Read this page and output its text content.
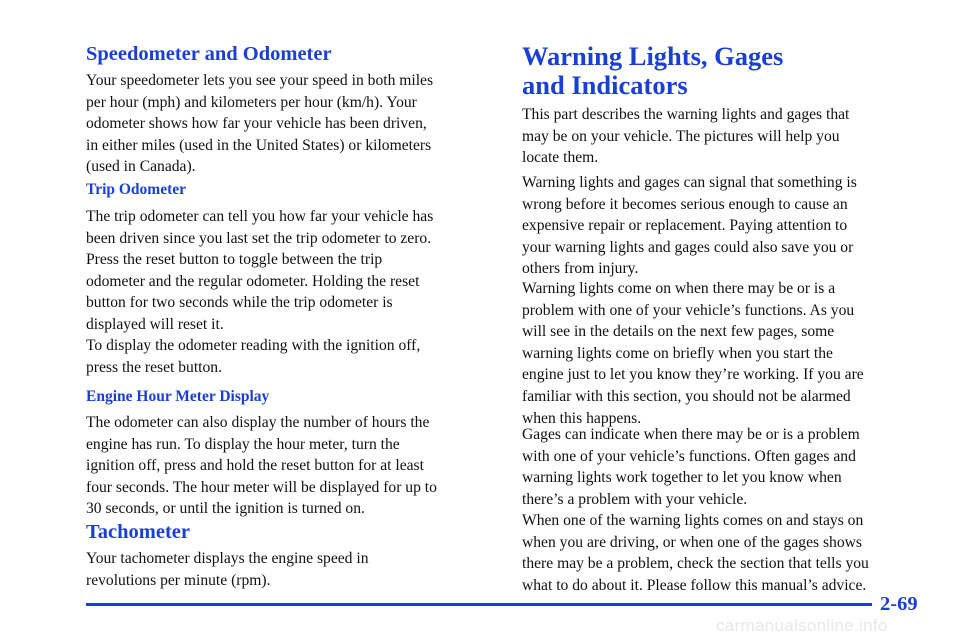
Speedometer and Odometer

Your speedometer lets you see your speed in both miles
per hour (mph) and kilometers per hour (km/h). Your
odometer shows how far your vehicle has been driven,
in either miles (used in the United States) or kilometers
(used in Canada).

Trip Odometer

The trip odometer can tell you how far your vehicle has
been driven since you last set the trip odometer to zero.

Press the reset button to toggle between the trip
odometer and the regular odometer. Holding the reset
button for two seconds while the trip odometer is
displayed will reset it.

To display the odometer reading with the ignition off,
press the reset button.

Engine Hour Meter Display

The odometer can also display the number of hours the
engine has run. To display the hour meter, turn the
ignition off, press and hold the reset button for at least
four seconds. The hour meter will be displayed for up to
30 seconds, or until the ignition is turned on.

Tachometer

Your tachometer displays the engine speed in
revolutions per minute (rpm).

Warning Lights, Gages
and Indicators

This part describes the warning lights and gages that
may be on your vehicle. The pictures will help you
locate them.

Warning lights and gages can signal that something is
wrong before it becomes serious enough to cause an
expensive repair or replacement. Paying attention to
your warning lights and gages could also save you or
others from injury.

Warning lights come on when there may be or is a
problem with one of your vehicle’s functions. As you
will see in the details on the next few pages, some
warning lights come on briefly when you start the
engine just to let you know they’re working. If you are
familiar with this section, you should not be alarmed
when this happens.

Gages can indicate when there may be or is a problem
with one of your vehicle’s functions. Often gages and
warning lights work together to let you know when
there’s a problem with your vehicle.

When one of the warning lights comes on and stays on
when you are driving, or when one of the gages shows
there may be a problem, check the section that tells you
what to do about it. Please follow this manual’s advice.

2-69

carmanualsonline.info
